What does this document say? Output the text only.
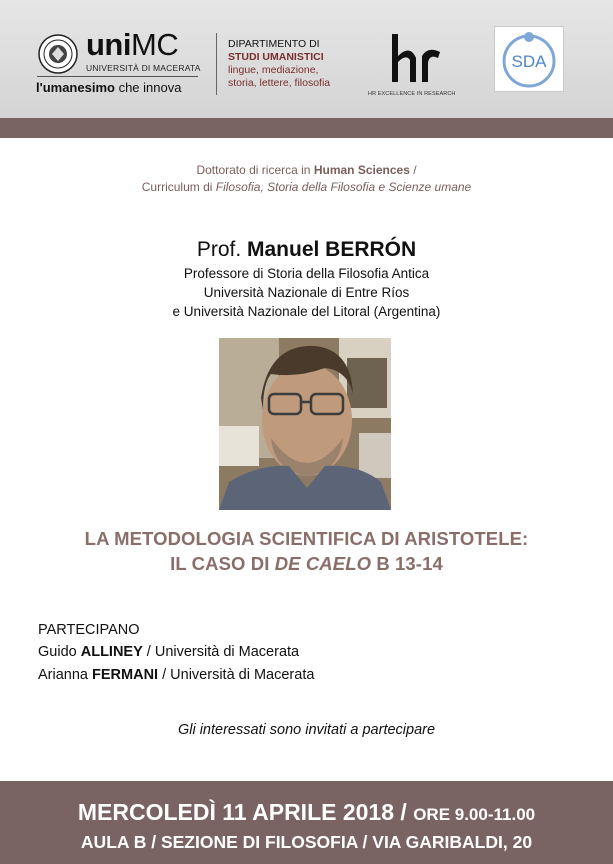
uniMC
UNIVERSITÀ DI MACERATA
l'umanesimo che innova
DIPARTIMENTO DI
STUDI UMANISTICI
lingue, mediazione,
storia, lettere, filosofia
HR EXCELLENCE IN RESEARCH
SDA
Dottorato di ricerca in Human Sciences /
Curriculum di Filosofia, Storia della Filosofia e Scienze umane
Prof. Manuel BERRÓN
Professore di Storia della Filosofia Antica
Università Nazionale di Entre Ríos
e Università Nazionale del Litoral (Argentina)
LA METODOLOGIA SCIENTIFICA DI ARISTOTELE:
IL CASO DI DE CAELO B 13-14
PARTECIPANO
Guido ALLINEY / Università di Macerata
Arianna FERMANI / Università di Macerata
Gli interessati sono invitati a partecipare
MERCOLEDÌ 11 APRILE 2018 / ORE 9.00-11.00
AULA B / SEZIONE DI FILOSOFIA / VIA GARIBALDI, 20
